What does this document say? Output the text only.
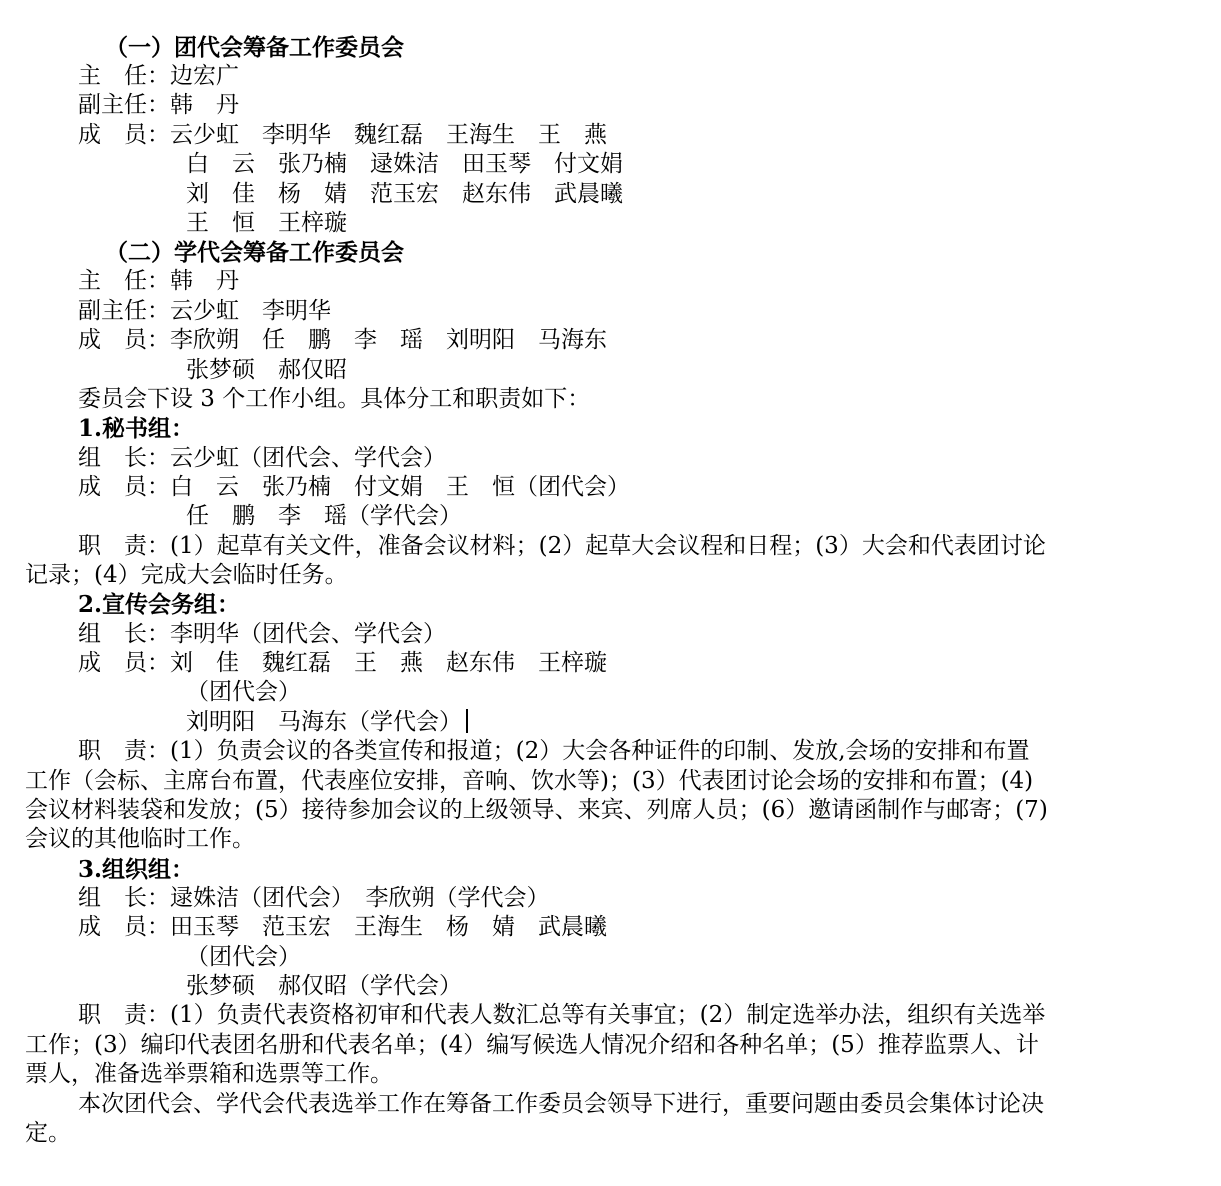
（一）团代会筹备工作委员会
主　任：边宏广
副主任：韩　丹
成　员：云少虹　李明华　魏红磊　王海生　王　燕
白　云　张乃楠　逯姝洁　田玉琴　付文娟
刘　佳　杨　婧　范玉宏　赵东伟　武晨曦
王　恒　王梓璇
（二）学代会筹备工作委员会
主　任：韩　丹
副主任：云少虹　李明华
成　员：李欣朔　任　鹏　李　瑶　刘明阳　马海东
张梦硕　郝仅昭
委员会下设 3 个工作小组。具体分工和职责如下：
1.秘书组：
组　长：云少虹（团代会、学代会）
成　员：白　云　张乃楠　付文娟　王　恒（团代会）
任　鹏　李　瑶（学代会）
职　责：(1）起草有关文件，准备会议材料；(2）起草大会议程和日程；(3）大会和代表团讨论
记录；(4）完成大会临时任务。
2.宣传会务组：
组　长：李明华（团代会、学代会）
成　员：刘　佳　魏红磊　王　燕　赵东伟　王梓璇
（团代会）
刘明阳　马海东（学代会）
职　责：(1）负责会议的各类宣传和报道；(2）大会各种证件的印制、发放,会场的安排和布置
工作（会标、主席台布置，代表座位安排，音响、饮水等)；(3）代表团讨论会场的安排和布置；(4)
会议材料装袋和发放；(5）接待参加会议的上级领导、来宾、列席人员；(6）邀请函制作与邮寄；(7)
会议的其他临时工作。
3.组织组：
组　长：逯姝洁（团代会）　李欣朔（学代会）
成　员：田玉琴　范玉宏　王海生　杨　婧　武晨曦
（团代会）
张梦硕　郝仅昭（学代会）
职　责：(1）负责代表资格初审和代表人数汇总等有关事宜；(2）制定选举办法，组织有关选举
工作；(3）编印代表团名册和代表名单；(4）编写候选人情况介绍和各种名单；(5）推荐监票人、计
票人，准备选举票箱和选票等工作。
本次团代会、学代会代表选举工作在筹备工作委员会领导下进行，重要问题由委员会集体讨论决
定。
